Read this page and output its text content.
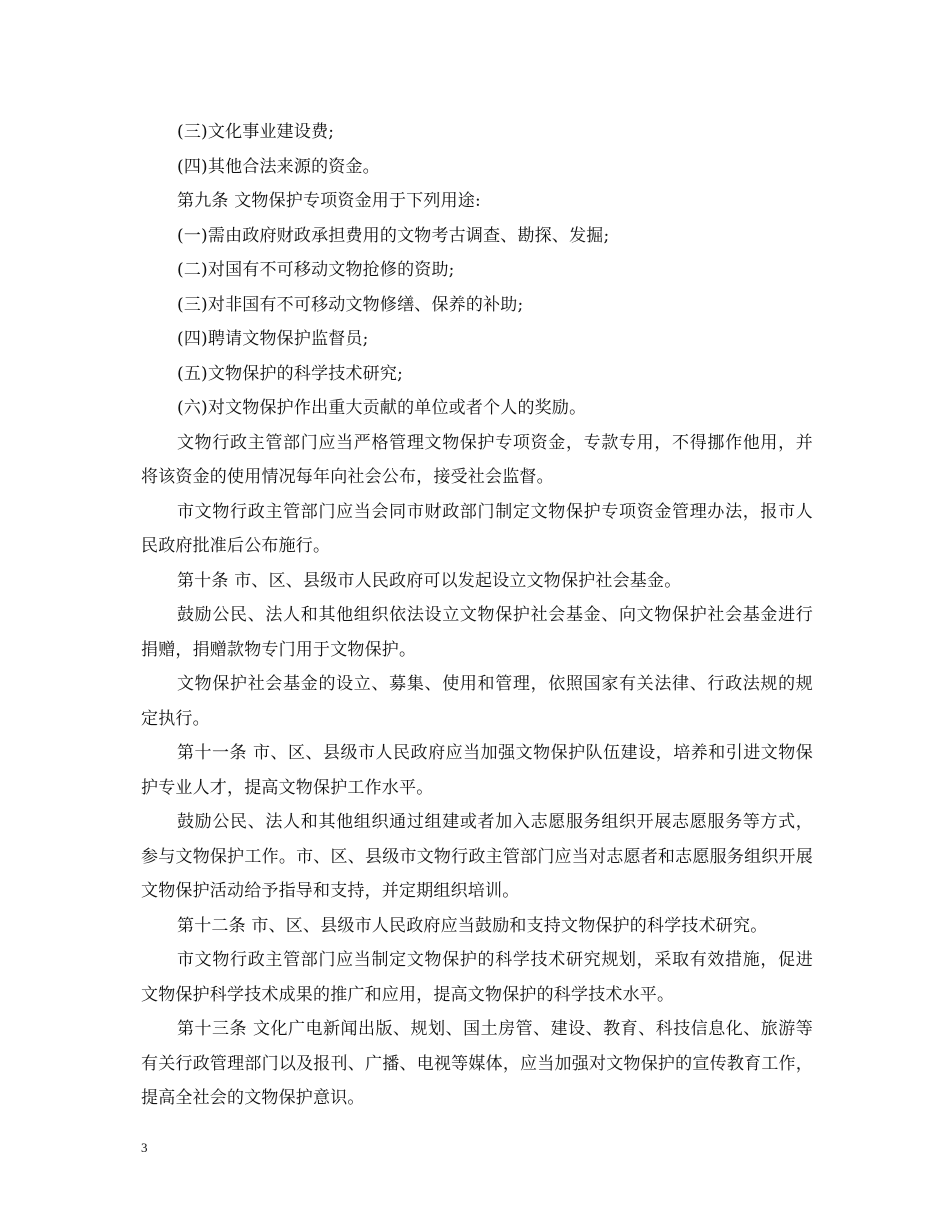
(三)文化事业建设费;

(四)其他合法来源的资金。

第九条 文物保护专项资金用于下列用途:

(一)需由政府财政承担费用的文物考古调查、勘探、发掘;

(二)对国有不可移动文物抢修的资助;

(三)对非国有不可移动文物修缮、保养的补助;

(四)聘请文物保护监督员;

(五)文物保护的科学技术研究;

(六)对文物保护作出重大贡献的单位或者个人的奖励。

文物行政主管部门应当严格管理文物保护专项资金，专款专用，不得挪作他用，并将该资金的使用情况每年向社会公布，接受社会监督。

市文物行政主管部门应当会同市财政部门制定文物保护专项资金管理办法，报市人民政府批准后公布施行。

第十条 市、区、县级市人民政府可以发起设立文物保护社会基金。

鼓励公民、法人和其他组织依法设立文物保护社会基金、向文物保护社会基金进行捐赠，捐赠款物专门用于文物保护。

文物保护社会基金的设立、募集、使用和管理，依照国家有关法律、行政法规的规定执行。

第十一条 市、区、县级市人民政府应当加强文物保护队伍建设，培养和引进文物保护专业人才，提高文物保护工作水平。

鼓励公民、法人和其他组织通过组建或者加入志愿服务组织开展志愿服务等方式，参与文物保护工作。市、区、县级市文物行政主管部门应当对志愿者和志愿服务组织开展文物保护活动给予指导和支持，并定期组织培训。

第十二条 市、区、县级市人民政府应当鼓励和支持文物保护的科学技术研究。

市文物行政主管部门应当制定文物保护的科学技术研究规划，采取有效措施，促进文物保护科学技术成果的推广和应用，提高文物保护的科学技术水平。

第十三条 文化广电新闻出版、规划、国土房管、建设、教育、科技信息化、旅游等有关行政管理部门以及报刊、广播、电视等媒体，应当加强对文物保护的宣传教育工作，提高全社会的文物保护意识。

3
